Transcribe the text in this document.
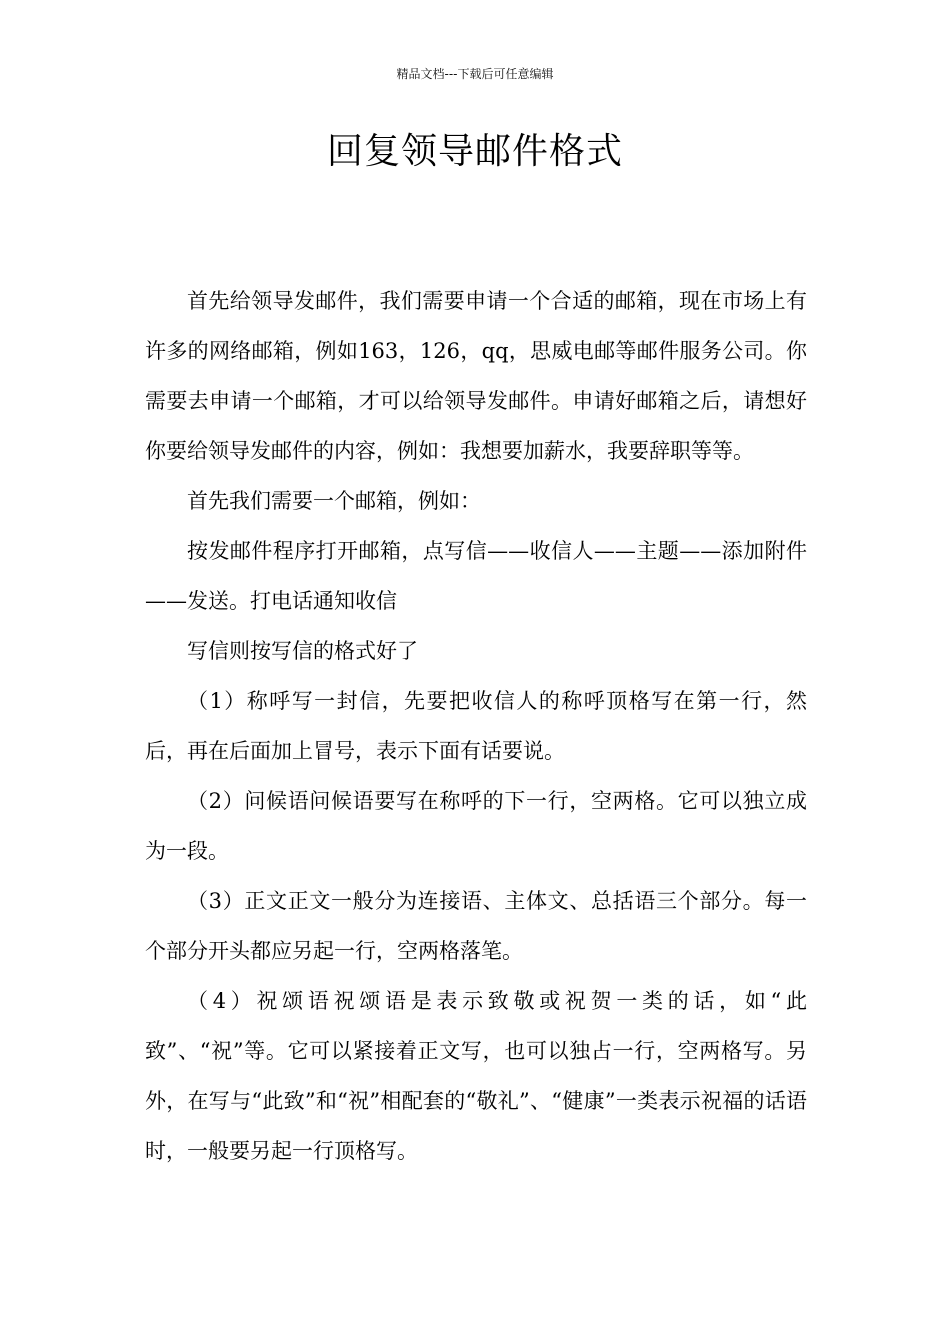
精品文档---下载后可任意编辑
回复领导邮件格式

首先给领导发邮件，我们需要申请一个合适的邮箱，现在市场上有许多的网络邮箱，例如163，126，qq，思威电邮等邮件服务公司。你需要去申请一个邮箱，才可以给领导发邮件。申请好邮箱之后，请想好你要给领导发邮件的内容，例如：我想要加薪水，我要辞职等等。

首先我们需要一个邮箱，例如：

按发邮件程序打开邮箱，点写信——收信人——主题——添加附件——发送。打电话通知收信

写信则按写信的格式好了

（1）称呼写一封信，先要把收信人的称呼顶格写在第一行，然后，再在后面加上冒号，表示下面有话要说。

（2）问候语问候语要写在称呼的下一行，空两格。它可以独立成为一段。

（3）正文正文一般分为连接语、主体文、总括语三个部分。每一个部分开头都应另起一行，空两格落笔。

（4）祝颂语祝颂语是表示致敬或祝贺一类的话，如“此致”、“祝”等。它可以紧接着正文写，也可以独占一行，空两格写。另外，在写与“此致”和“祝”相配套的“敬礼”、“健康”一类表示祝福的话语时，一般要另起一行顶格写。
